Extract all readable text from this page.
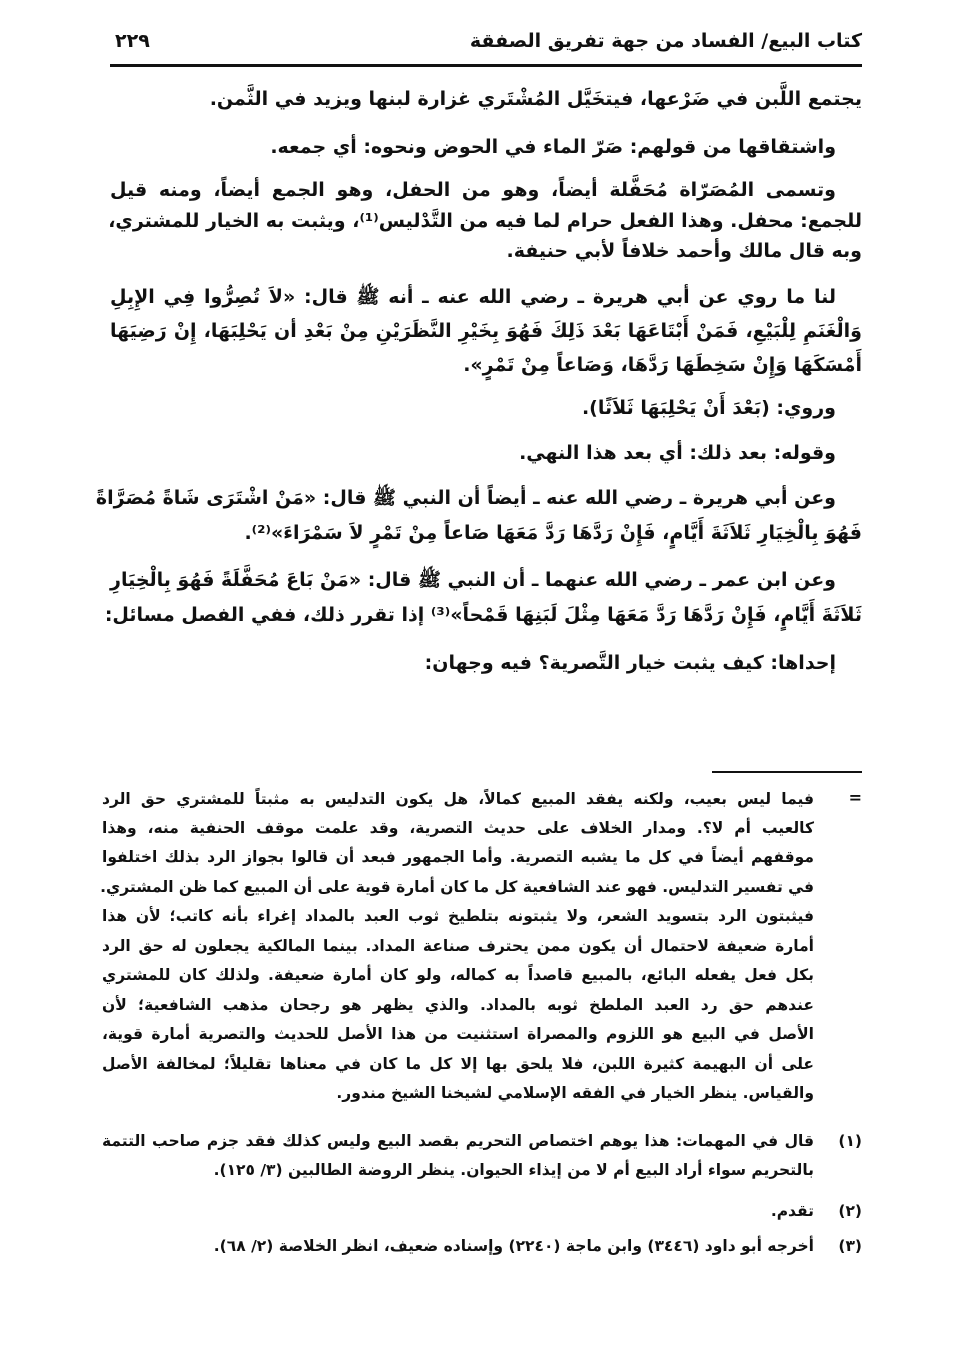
كتاب البيع/ الفساد من جهة تفريق الصفقة
٢٢٩
يجتمع اللَّبن في ضَرْعها، فيتخَيَّل المُشْتَري غزارة لبنها ويزيد في الثَّمن.
واشتقاقها من قولهم: صَرّ الماء في الحوض ونحوه: أي جمعه.
وتسمى المُصَرّاة مُحَفَّلة أيضاً، وهو من الحفل، وهو الجمع أيضاً، ومنه قيل
للجمع: محفل. وهذا الفعل حرام لما فيه من التَّدْليس⁽¹⁾، ويثبت به الخيار للمشتري،
وبه قال مالك وأحمد خلافاً لأبي حنيفة.
لنا ما روي عن أبي هريرة ـ رضي الله عنه ـ أنه ﷺ قال: «لاَ تُصِرُّوا فِي الإِبِلِ
وَالْغَنَمِ لِلْبَيْعِ، فَمَنْ أَبْتَاعَهَا بَعْدَ ذَلِكَ فَهُوَ بِخَيْرِ النَّظَرَيْنِ مِنْ بَعْدِ أن يَحْلِبَهَا، إِنْ رَضِيَهَا
أَمْسَكَهَا وَإِنْ سَخِطَهَا رَدَّهَا، وَصَاعاً مِنْ تَمْرٍ».
وروي: (بَعْدَ أَنْ يَحْلِبَهَا ثَلاَثًا).
وقوله: بعد ذلك: أي بعد هذا النهي.
وعن أبي هريرة ـ رضي الله عنه ـ أيضاً أن النبي ﷺ قال: «مَنْ اشْتَرَى شَاةً مُصَرَّاةً
فَهُوَ بِالْخِيَارِ ثَلاَثَةَ أَيَّامٍ، فَإِنْ رَدَّهَا رَدَّ مَعَهَا صَاعاً مِنْ تَمْرٍ لاَ سَمْرَاءَ»⁽²⁾.
وعن ابن عمر ـ رضي الله عنهما ـ أن النبي ﷺ قال: «مَنْ بَاعَ مُحَفَّلَةً فَهُوَ بِالْخِيَارِ
ثَلاَثَةَ أَيَّامٍ، فَإِنْ رَدَّهَا رَدَّ مَعَهَا مِثْلَ لَبَنِهَا قَمْحاً»⁽³⁾ إذا تقرر ذلك، ففي الفصل مسائل:
إحداها: كيف يثبت خيار التَّصرية؟ فيه وجهان:
=
فيما ليس بعيب، ولكنه يفقد المبيع كمالاً، هل يكون التدليس به مثبتاً للمشتري حق الرد
كالعيب أم لا؟. ومدار الخلاف على حديث التصرية، وقد علمت موقف الحنفية منه، وهذا
موقفهم أيضاً في كل ما يشبه التصرية. وأما الجمهور فبعد أن قالوا بجواز الرد بذلك اختلفوا
في تفسير التدليس. فهو عند الشافعية كل ما كان أمارة قوية على أن المبيع كما ظن المشتري.
فيثبتون الرد بتسويد الشعر، ولا يثبتونه بتلطيخ ثوب العبد بالمداد إغراء بأنه كاتب؛ لأن هذا
أمارة ضعيفة لاحتمال أن يكون ممن يحترف صناعة المداد. بينما المالكية يجعلون له حق الرد
بكل فعل يفعله البائع، بالمبيع قاصداً به كماله، ولو كان أمارة ضعيفة. ولذلك كان للمشتري
عندهم حق رد العبد الملطخ ثوبه بالمداد. والذي يظهر هو رجحان مذهب الشافعية؛ لأن
الأصل في البيع هو اللزوم والمصراة استثنيت من هذا الأصل للحديث والتصرية أمارة قوية،
على أن البهيمة كثيرة اللبن، فلا يلحق بها إلا كل ما كان في معناها تقليلاً؛ لمخالفة الأصل
والقياس. ينظر الخيار في الفقه الإسلامي لشيخنا الشيخ مندور.
(١)
قال في المهمات: هذا يوهم اختصاص التحريم بقصد البيع وليس كذلك فقد جزم صاحب التتمة
بالتحريم سواء أراد البيع أم لا من إيذاء الحيوان. ينظر الروضة الطالبين (٣/ ١٢٥).
(٢)
تقدم.
(٣)
أخرجه أبو داود (٣٤٤٦) وابن ماجة (٢٢٤٠) وإسناده ضعيف، انظر الخلاصة (٢/ ٦٨).
